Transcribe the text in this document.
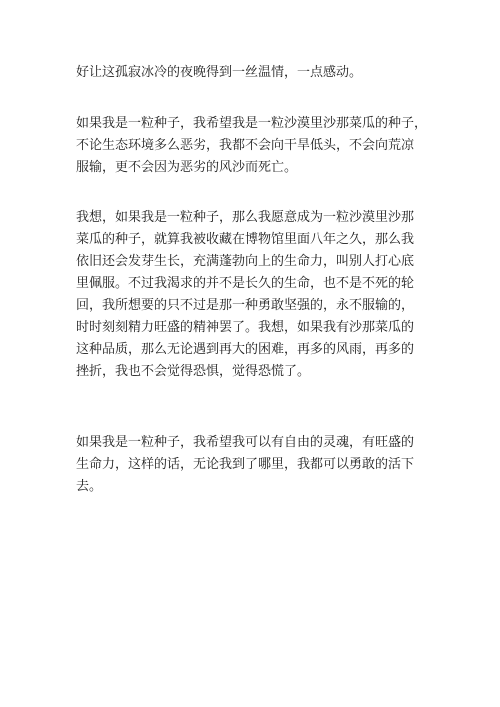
好让这孤寂冰冷的夜晚得到一丝温情，一点感动。

如果我是一粒种子，我希望我是一粒沙漠里沙那菜瓜的种子，
不论生态环境多么恶劣，我都不会向干旱低头，不会向荒凉
服输，更不会因为恶劣的风沙而死亡。

我想，如果我是一粒种子，那么我愿意成为一粒沙漠里沙那
菜瓜的种子，就算我被收藏在博物馆里面八年之久，那么我
依旧还会发芽生长，充满蓬勃向上的生命力，叫别人打心底
里佩服。不过我渴求的并不是长久的生命，也不是不死的轮
回，我所想要的只不过是那一种勇敢坚强的，永不服输的，
时时刻刻精力旺盛的精神罢了。我想，如果我有沙那菜瓜的
这种品质，那么无论遇到再大的困难，再多的风雨，再多的
挫折，我也不会觉得恐惧，觉得恐慌了。

如果我是一粒种子，我希望我可以有自由的灵魂，有旺盛的
生命力，这样的话，无论我到了哪里，我都可以勇敢的活下
去。
